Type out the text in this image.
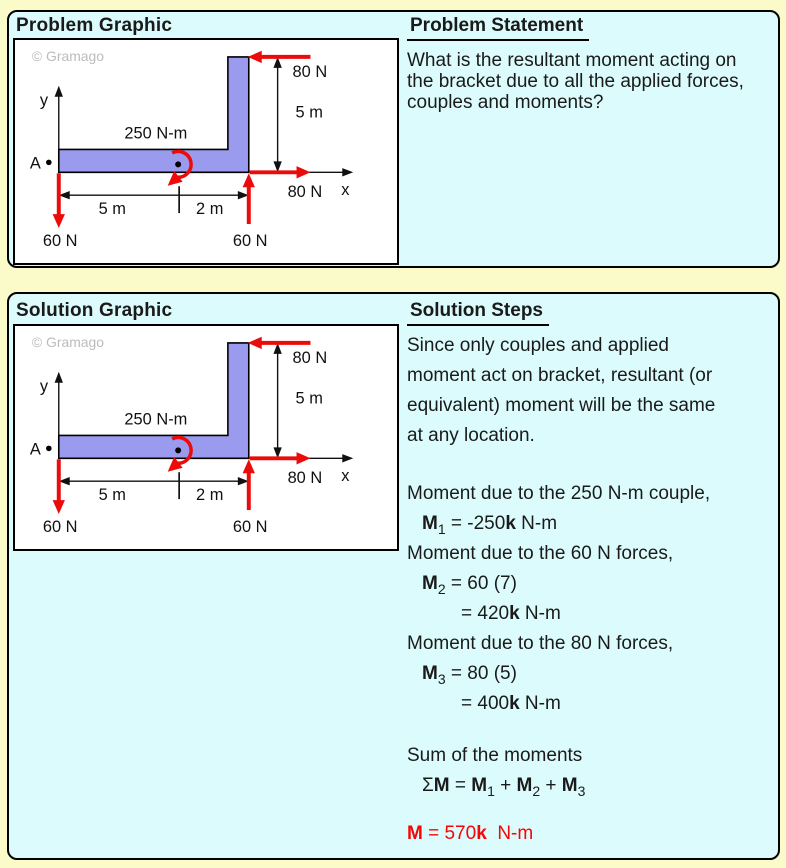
Problem Graphic
© Gramago
y
x
A
250 N-m
80 N
5 m
80 N
60 N	60 N
5 m	2 m
Problem Statement
What is the resultant moment acting on
the bracket due to all the applied forces,
couples and moments?
Solution Graphic
© Gramago
y
x
A
250 N-m
80 N
5 m
80 N
60 N	60 N
5 m	2 m
Solution Steps
Since only couples and applied
moment act on bracket, resultant (or
equivalent) moment will be the same
at any location.
Moment due to the 250 N-m couple,
$M_1 = -250k$ N-m
Moment due to the 60 N forces,
$M_2 = 60$ (7)
= 420k N-m
Moment due to the 80 N forces,
$M_3 = 80$ (5)
= 400k N-m
Sum of the moments
$\Sigma M = M_1 + M_2 + M_3$
M = 570k  N-m
